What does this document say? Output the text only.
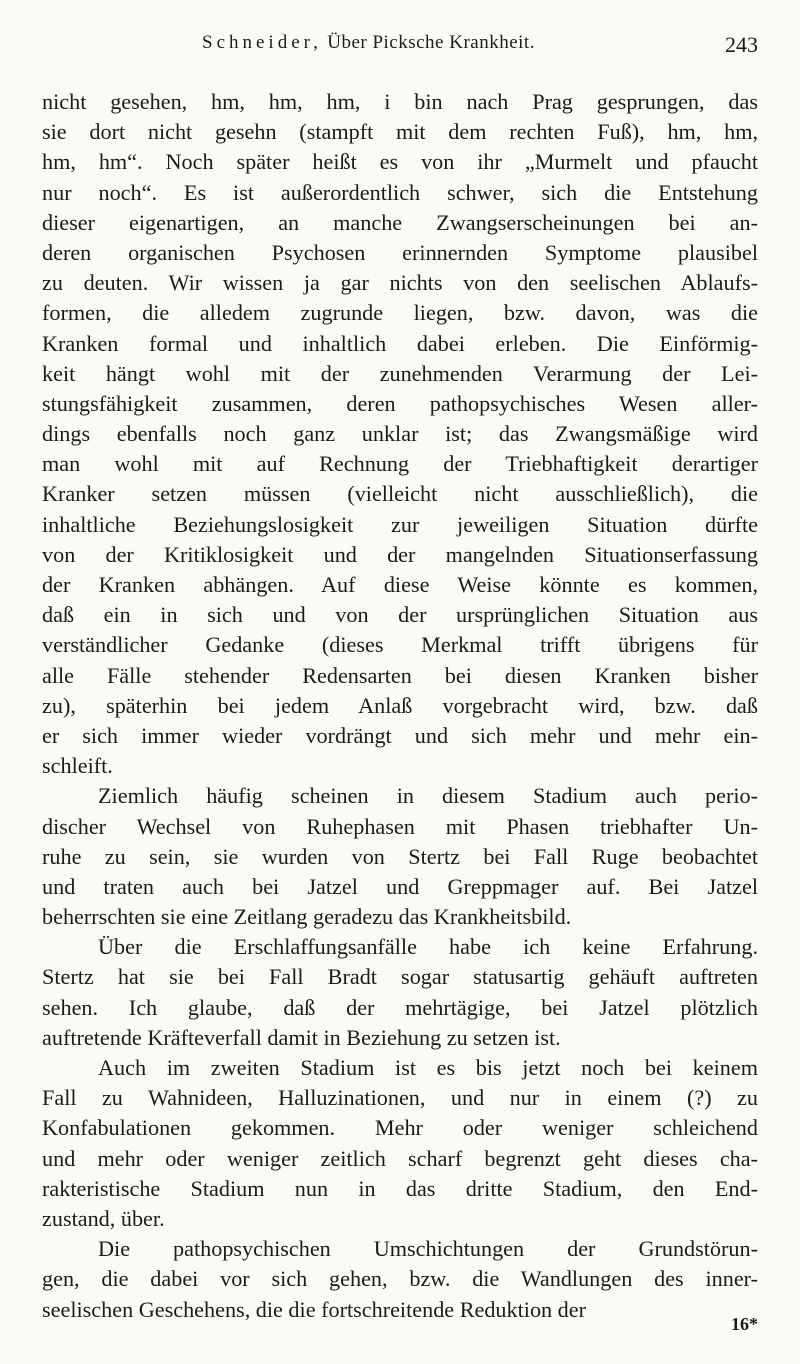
Schneider, Über Picksche Krankheit.	243
nicht gesehen, hm, hm, hm, i bin nach Prag gesprungen, das
sie dort nicht gesehn (stampft mit dem rechten Fuß), hm, hm,
hm, hm“. Noch später heißt es von ihr „Murmelt und pfaucht
nur noch“. Es ist außerordentlich schwer, sich die Entstehung
dieser eigenartigen, an manche Zwangserscheinungen bei an-
deren organischen Psychosen erinnernden Symptome plausibel
zu deuten. Wir wissen ja gar nichts von den seelischen Ablaufs-
formen, die alledem zugrunde liegen, bzw. davon, was die
Kranken formal und inhaltlich dabei erleben. Die Einförmig-
keit hängt wohl mit der zunehmenden Verarmung der Lei-
stungsfähigkeit zusammen, deren pathopsychisches Wesen aller-
dings ebenfalls noch ganz unklar ist; das Zwangsmäßige wird
man wohl mit auf Rechnung der Triebhaftigkeit derartiger
Kranker setzen müssen (vielleicht nicht ausschließlich), die
inhaltliche Beziehungslosigkeit zur jeweiligen Situation dürfte
von der Kritiklosigkeit und der mangelnden Situationserfassung
der Kranken abhängen. Auf diese Weise könnte es kommen,
daß ein in sich und von der ursprünglichen Situation aus
verständlicher Gedanke (dieses Merkmal trifft übrigens für
alle Fälle stehender Redensarten bei diesen Kranken bisher
zu), späterhin bei jedem Anlaß vorgebracht wird, bzw. daß
er sich immer wieder vordrängt und sich mehr und mehr ein-
schleift.
Ziemlich häufig scheinen in diesem Stadium auch perio-
discher Wechsel von Ruhephasen mit Phasen triebhafter Un-
ruhe zu sein, sie wurden von Stertz bei Fall Ruge beobachtet
und traten auch bei Jatzel und Greppmager auf. Bei Jatzel
beherrschten sie eine Zeitlang geradezu das Krankheitsbild.
Über die Erschlaffungsanfälle habe ich keine Erfahrung.
Stertz hat sie bei Fall Bradt sogar statusartig gehäuft auftreten
sehen. Ich glaube, daß der mehrtägige, bei Jatzel plötzlich
auftretende Kräfteverfall damit in Beziehung zu setzen ist.
Auch im zweiten Stadium ist es bis jetzt noch bei keinem
Fall zu Wahnideen, Halluzinationen, und nur in einem (?) zu
Konfabulationen gekommen. Mehr oder weniger schleichend
und mehr oder weniger zeitlich scharf begrenzt geht dieses cha-
rakteristische Stadium nun in das dritte Stadium, den End-
zustand, über.
Die pathopsychischen Umschichtungen der Grundstörun-
gen, die dabei vor sich gehen, bzw. die Wandlungen des inner-
seelischen Geschehens, die die fortschreitende Reduktion der
16*
